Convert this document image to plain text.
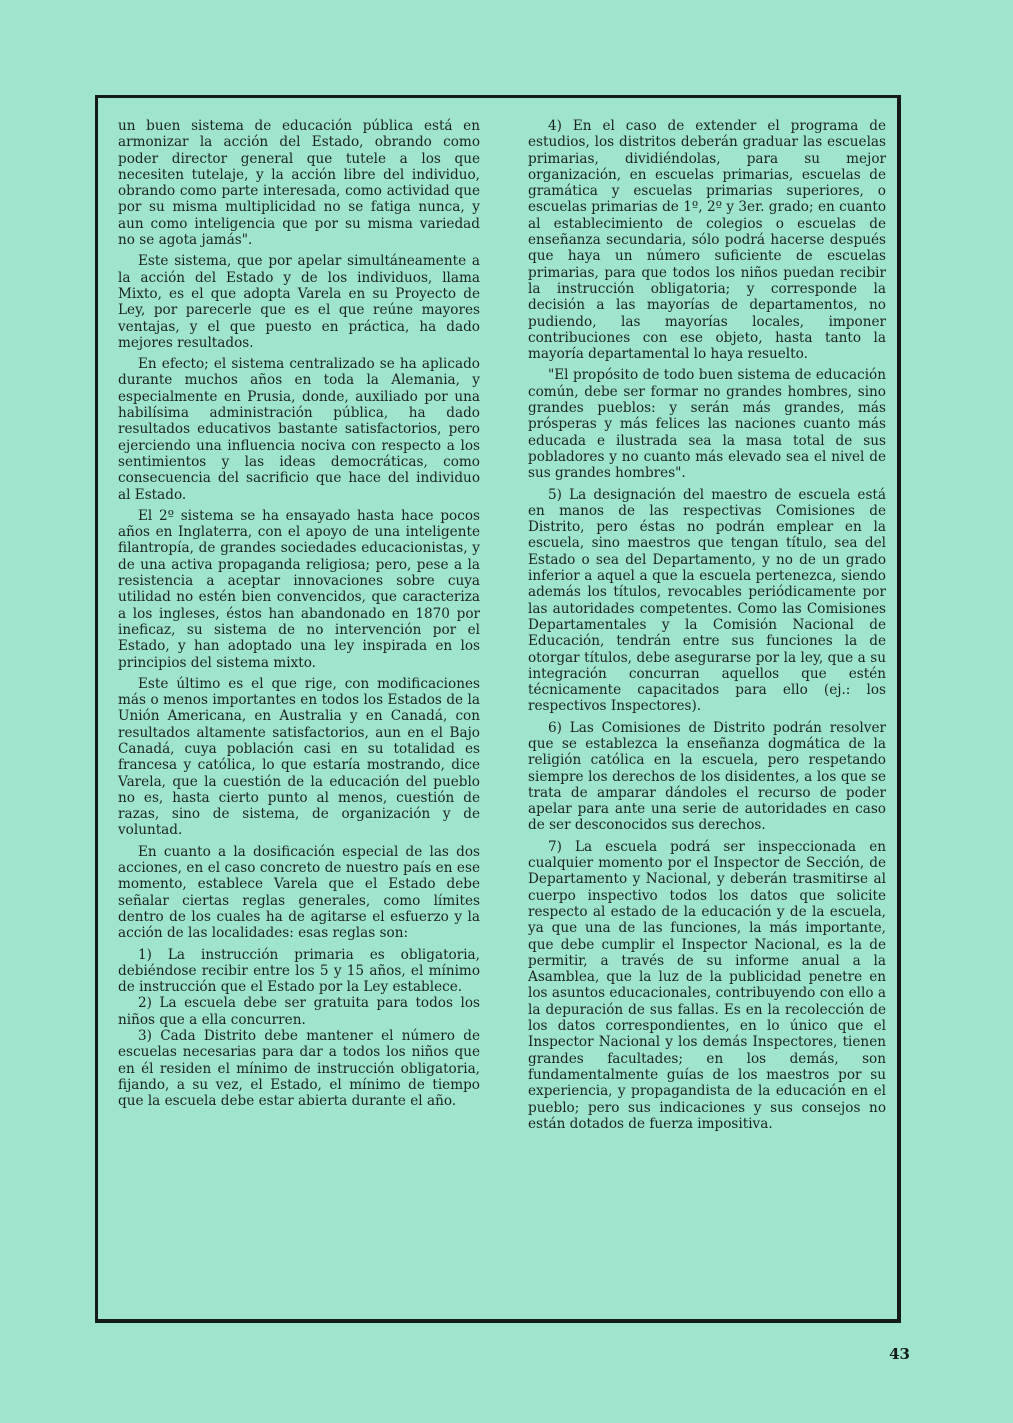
un buen sistema de educación pública está en armonizar la acción del Estado, obrando como poder director general que tutele a los que necesiten tutelaje, y la acción libre del individuo, obrando como parte interesada, como actividad que por su misma multiplicidad no se fatiga nunca, y aun como inteligencia que por su misma variedad no se agota jamás".

Este sistema, que por apelar simultáneamente a la acción del Estado y de los individuos, llama Mixto, es el que adopta Varela en su Proyecto de Ley, por parecerle que es el que reúne mayores ventajas, y el que puesto en práctica, ha dado mejores resultados.

En efecto; el sistema centralizado se ha aplicado durante muchos años en toda la Alemania, y especialmente en Prusia, donde, auxiliado por una habilísima administración pública, ha dado resultados educativos bastante satisfactorios, pero ejerciendo una influencia nociva con respecto a los sentimientos y las ideas democráticas, como consecuencia del sacrificio que hace del individuo al Estado.

El 2º sistema se ha ensayado hasta hace pocos años en Inglaterra, con el apoyo de una inteligente filantropía, de grandes sociedades educacionistas, y de una activa propaganda religiosa; pero, pese a la resistencia a aceptar innovaciones sobre cuya utilidad no estén bien convencidos, que caracteriza a los ingleses, éstos han abandonado en 1870 por ineficaz, su sistema de no intervención por el Estado, y han adoptado una ley inspirada en los principios del sistema mixto.

Este último es el que rige, con modificaciones más o menos importantes en todos los Estados de la Unión Americana, en Australia y en Canadá, con resultados altamente satisfactorios, aun en el Bajo Canadá, cuya población casi en su totalidad es francesa y católica, lo que estaría mostrando, dice Varela, que la cuestión de la educación del pueblo no es, hasta cierto punto al menos, cuestión de razas, sino de sistema, de organización y de voluntad.

En cuanto a la dosificación especial de las dos acciones, en el caso concreto de nuestro país en ese momento, establece Varela que el Estado debe señalar ciertas reglas generales, como límites dentro de los cuales ha de agitarse el esfuerzo y la acción de las localidades: esas reglas son:

1) La instrucción primaria es obligatoria, debiéndose recibir entre los 5 y 15 años, el mínimo de instrucción que el Estado por la Ley establece.

2) La escuela debe ser gratuita para todos los niños que a ella concurren.

3) Cada Distrito debe mantener el número de escuelas necesarias para dar a todos los niños que en él residen el mínimo de instrucción obligatoria, fijando, a su vez, el Estado, el mínimo de tiempo que la escuela debe estar abierta durante el año.

4) En el caso de extender el programa de estudios, los distritos deberán graduar las escuelas primarias, dividiéndolas, para su mejor organización, en escuelas primarias, escuelas de gramática y escuelas primarias superiores, o escuelas primarias de 1º, 2º y 3er. grado; en cuanto al establecimiento de colegios o escuelas de enseñanza secundaria, sólo podrá hacerse después que haya un número suficiente de escuelas primarias, para que todos los niños puedan recibir la instrucción obligatoria; y corresponde la decisión a las mayorías de departamentos, no pudiendo, las mayorías locales, imponer contribuciones con ese objeto, hasta tanto la mayoría departamental lo haya resuelto.

"El propósito de todo buen sistema de educación común, debe ser formar no grandes hombres, sino grandes pueblos: y serán más grandes, más prósperas y más felices las naciones cuanto más educada e ilustrada sea la masa total de sus pobladores y no cuanto más elevado sea el nivel de sus grandes hombres".

5) La designación del maestro de escuela está en manos de las respectivas Comisiones de Distrito, pero éstas no podrán emplear en la escuela, sino maestros que tengan título, sea del Estado o sea del Departamento, y no de un grado inferior a aquel a que la escuela pertenezca, siendo además los títulos, revocables periódicamente por las autoridades competentes. Como las Comisiones Departamentales y la Comisión Nacional de Educación, tendrán entre sus funciones la de otorgar títulos, debe asegurarse por la ley, que a su integración concurran aquellos que estén técnicamente capacitados para ello (ej.: los respectivos Inspectores).

6) Las Comisiones de Distrito podrán resolver que se establezca la enseñanza dogmática de la religión católica en la escuela, pero respetando siempre los derechos de los disidentes, a los que se trata de amparar dándoles el recurso de poder apelar para ante una serie de autoridades en caso de ser desconocidos sus derechos.

7) La escuela podrá ser inspeccionada en cualquier momento por el Inspector de Sección, de Departamento y Nacional, y deberán trasmitirse al cuerpo inspectivo todos los datos que solicite respecto al estado de la educación y de la escuela, ya que una de las funciones, la más importante, que debe cumplir el Inspector Nacional, es la de permitir, a través de su informe anual a la Asamblea, que la luz de la publicidad penetre en los asuntos educacionales, contribuyendo con ello a la depuración de sus fallas. Es en la recolección de los datos correspondientes, en lo único que el Inspector Nacional y los demás Inspectores, tienen grandes facultades; en los demás, son fundamentalmente guías de los maestros por su experiencia, y propagandista de la educación en el pueblo; pero sus indicaciones y sus consejos no están dotados de fuerza impositiva.

43
